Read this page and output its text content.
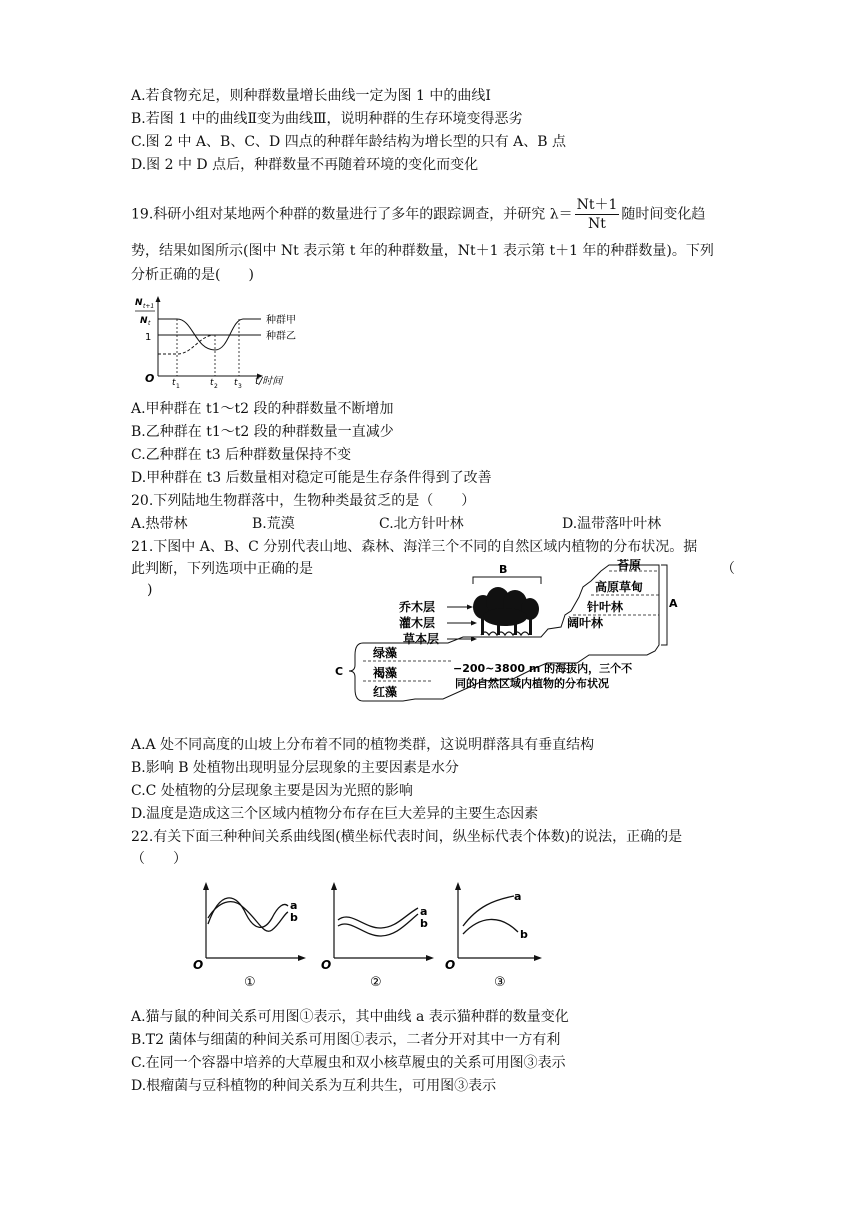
A.若食物充足，则种群数量增长曲线一定为图 1 中的曲线Ⅰ
B.若图 1 中的曲线Ⅱ变为曲线Ⅲ，说明种群的生存环境变得恶劣
C.图 2 中 A、B、C、D 四点的种群年龄结构为增长型的只有 A、B 点
D.图 2 中 D 点后，种群数量不再随着环境的变化而变化
19.科研小组对某地两个种群的数量进行了多年的跟踪调查，并研究 $\lambda= \frac{Nt+1}{Nt}$ 随时间变化趋
势，结果如图所示(图中 Nt 表示第 t 年的种群数量，Nt＋1 表示第 t＋1 年的种群数量)。下列
分析正确的是(　　)
N t+1
N t
1
O t 1	t 2 t 3 t/时间
种群甲
种群乙
A.甲种群在 t1～t2 段的种群数量不断增加
B.乙种群在 t1～t2 段的种群数量一直减少
C.乙种群在 t3 后种群数量保持不变
D.甲种群在 t3 后数量相对稳定可能是生存条件得到了改善
20.下列陆地生物群落中，生物种类最贫乏的是（　　）
A.热带林	B.荒漠	C.北方针叶林	D.温带落叶叶林
21.下图中 A、B、C 分别代表山地、森林、海洋三个不同的自然区域内植物的分布状况。据
此判断，下列选项中正确的是	（
)
B
乔木层
灌木层
草本层
苔原
高原草甸
针叶林
阔叶林
A
绿藻
褐藻
红藻
C	−200~3800 m 的海拔内，三个不
同的自然区域内植物的分布状况
A.A 处不同高度的山坡上分布着不同的植物类群，这说明群落具有垂直结构
B.影响 B 处植物出现明显分层现象的主要因素是水分
C.C 处植物的分层现象主要是因为光照的影响
D.温度是造成这三个区域内植物分布存在巨大差异的主要生态因素
22.有关下面三种种间关系曲线图(横坐标代表时间，纵坐标代表个体数)的说法，正确的是
（　　）
O
a
b
①
O
a
b
②
O
a
b
③
A.猫与鼠的种间关系可用图①表示，其中曲线 a 表示猫种群的数量变化
B.T2 菌体与细菌的种间关系可用图①表示，二者分开对其中一方有利
C.在同一个容器中培养的大草履虫和双小核草履虫的关系可用图③表示
D.根瘤菌与豆科植物的种间关系为互利共生，可用图③表示
